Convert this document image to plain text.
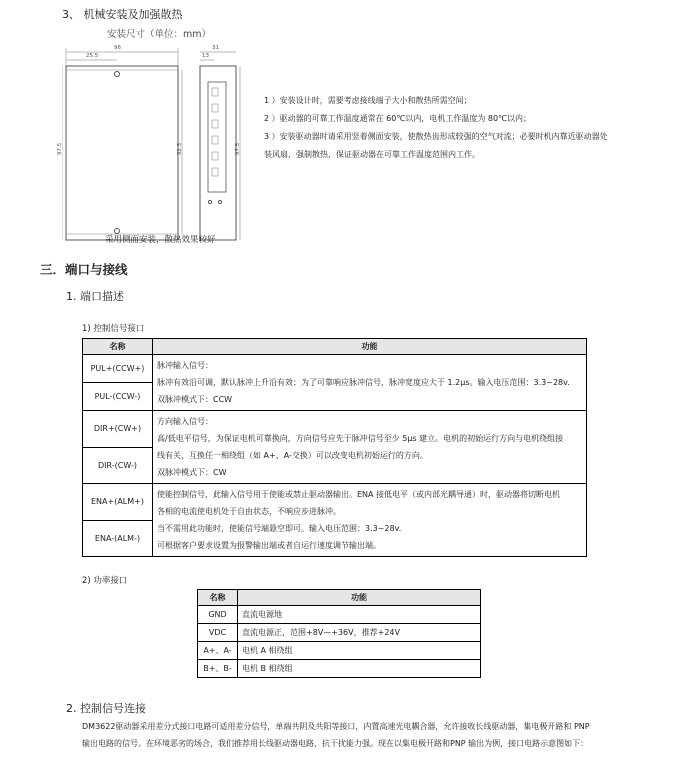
3、 机械安装及加强散热
安装尺寸（单位：mm）
96
25.5
31
13
97.5	92.5	97.5
采用侧面安装，散热效果较好
1 ）安装设计时，需要考虑接线端子大小和散热所需空间；
2 ）驱动器的可靠工作温度通常在 60℃以内，电机工作温度为 80℃以内；
3 ）安装驱动器时请采用竖着侧面安装，使散热齿形成较强的空气对流；必要时机内靠近驱动器处
装风扇，强制散热，保证驱动器在可靠工作温度范围内工作。
三．端口与接线
1. 端口描述
1) 控制信号接口
名称	功能
PUL+(CCW+)	脉冲输入信号：
脉冲有效沿可调，默认脉冲上升沿有效；为了可靠响应脉冲信号，脉冲宽度应大于 1.2μs。输入电压范围：3.3~28v.
双脉冲模式下：CCW

PUL-(CCW-)	
DIR+(CW+)	方向输入信号：
高/低电平信号，为保证电机可靠换向，方向信号应先于脉冲信号至少 5μs 建立。电机的初始运行方向与电机绕组接
线有关，互换任一相绕组（如 A+、A-交换）可以改变电机初始运行的方向。
双脉冲模式下：CW

DIR-(CW-)	
ENA+(ALM+)	使能控制信号，此输入信号用于使能或禁止驱动器输出。ENA 接低电平（或内部光耦导通）时，驱动器将切断电机
各相的电流使电机处于自由状态，不响应步进脉冲。
当不需用此功能时，使能信号端悬空即可。输入电压范围：3.3~28v.
可根据客户要求设置为报警输出端或者自运行速度调节输出端。

ENA-(ALM-)	
2) 功率接口
名称	功能
GND	直流电源地
VDC	直流电源正，范围+8V—+36V，推荐+24V
A+、A-	电机 A 相绕组
B+、B-	电机 B 相绕组
2. 控制信号连接
DM3622驱动器采用差分式接口电路可适用差分信号，单端共阴及共阳等接口，内置高速光电耦合器，允许接收长线驱动器，集电极开路和 PNP
输出电路的信号。在环境恶劣的场合，我们推荐用长线驱动器电路，抗干扰能力强。现在以集电极开路和PNP 输出为例，接口电路示意图如下：
